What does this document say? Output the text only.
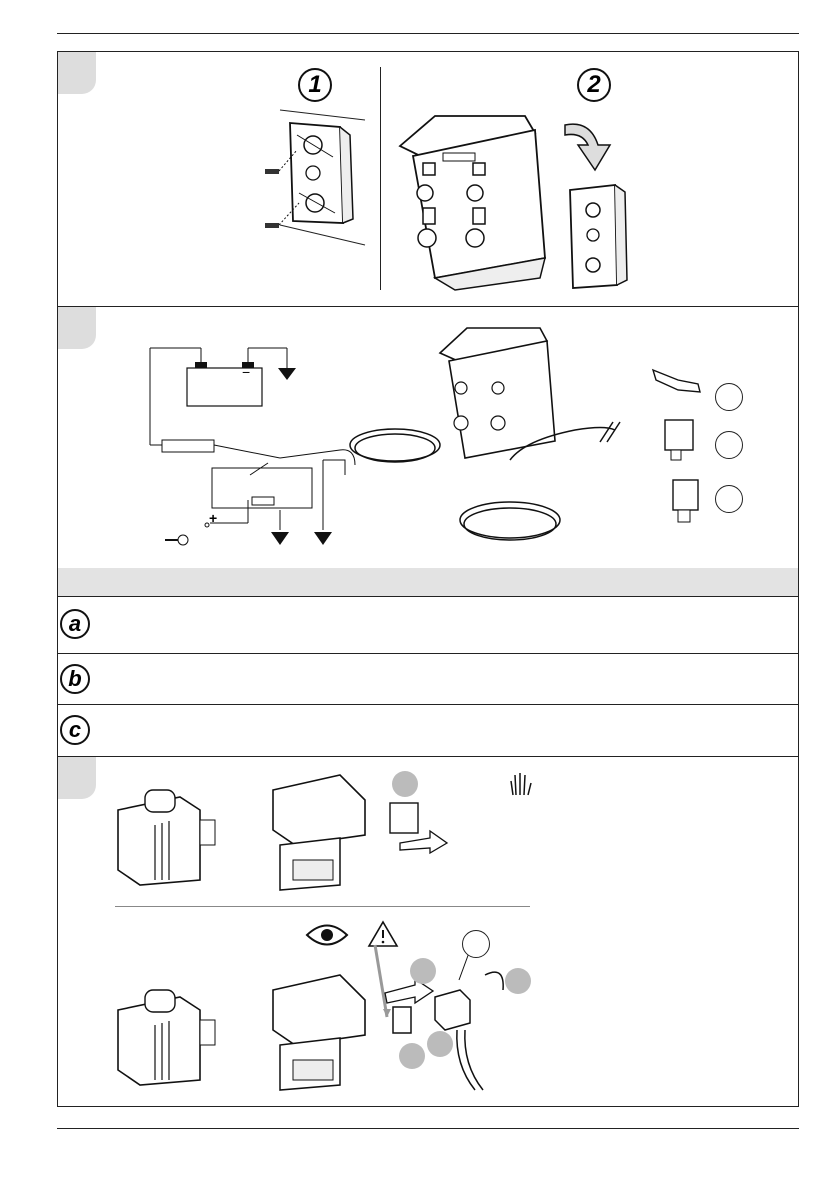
1	2
−
+
a
b
c
